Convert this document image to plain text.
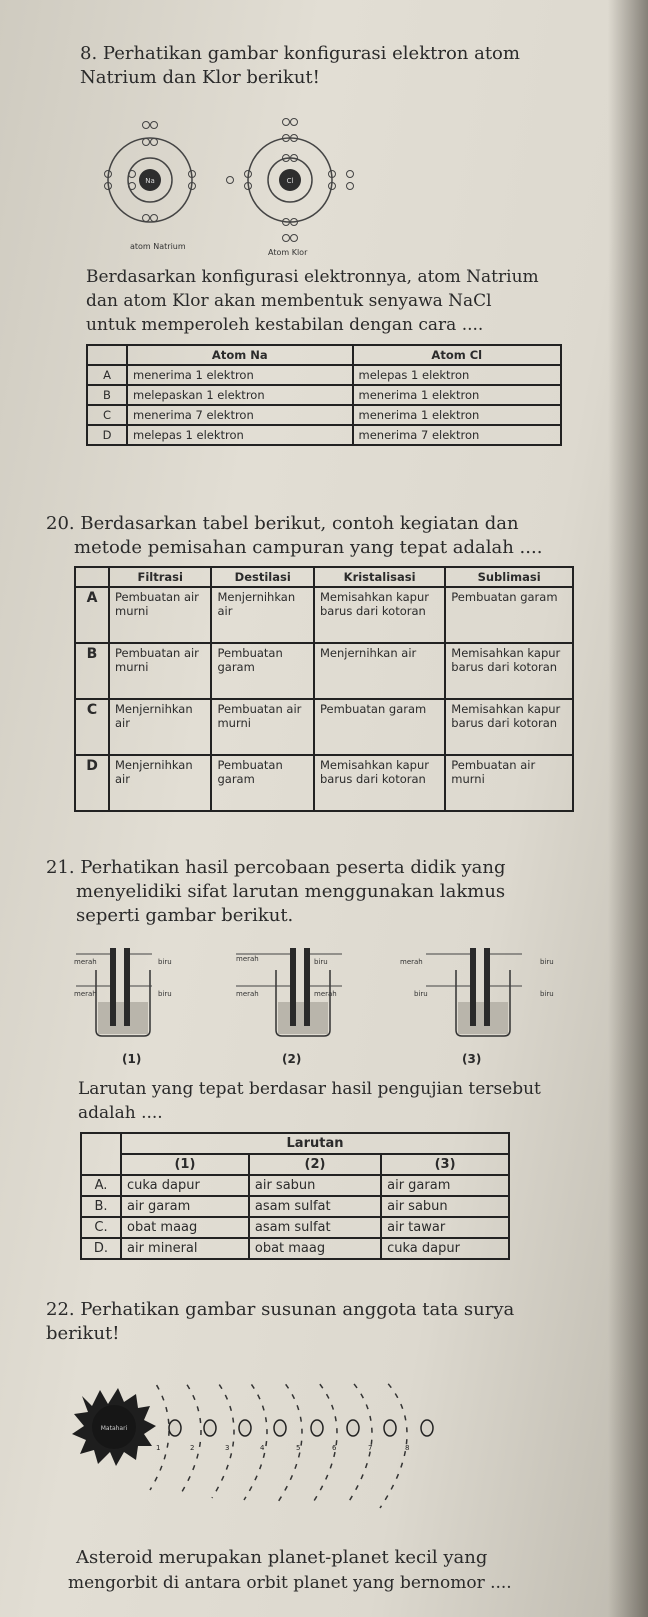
8. Perhatikan gambar konfigurasi elektron atom
Natrium dan Klor berikut!
Na	Cl
atom Natrium
Atom Klor
Berdasarkan konfigurasi elektronnya, atom Natrium
dan atom Klor akan membentuk senyawa NaCl
untuk memperoleh kestabilan dengan cara ....
	Atom Na	Atom Cl
A	menerima 1 elektron	melepas 1 elektron
B	melepaskan 1 elektron	menerima 1 elektron
C	menerima 7 elektron	menerima 1 elektron
D	melepas 1 elektron	menerima 7 elektron
20. Berdasarkan tabel berikut, contoh kegiatan dan
metode pemisahan campuran yang tepat adalah ....
	Filtrasi	Destilasi	Kristalisasi	Sublimasi
A	Pembuatan air murni	Menjernihkan air	Memisahkan kapur barus dari kotoran	Pembuatan garam
B	Pembuatan air murni	Pembuatan garam	Menjernihkan air	Memisahkan kapur barus dari kotoran
C	Menjernihkan air	Pembuatan air murni	Pembuatan garam	Memisahkan kapur barus dari kotoran
D	Menjernihkan air	Pembuatan garam	Memisahkan kapur barus dari kotoran	Pembuatan air murni
21. Perhatikan hasil percobaan peserta didik yang
menyelidiki sifat larutan menggunakan lakmus
seperti gambar berikut.
merah	biru
merah	biru
merah	biru
merah	merah
merah	biru
biru	biru
(1)	(2)	(3)
Larutan yang tepat berdasar hasil pengujian tersebut
adalah ....
	Larutan		
	(1)	(2)	(3)
A.	cuka dapur	air sabun	air garam
B.	air garam	asam sulfat	air sabun
C.	obat maag	asam sulfat	air tawar
D.	air mineral	obat maag	cuka dapur
22. Perhatikan gambar susunan anggota tata surya
berikut!
1	2	3	4	5	6	7	8
Matahari
Asteroid merupakan planet-planet kecil yang
mengorbit di antara orbit planet yang bernomor ....
